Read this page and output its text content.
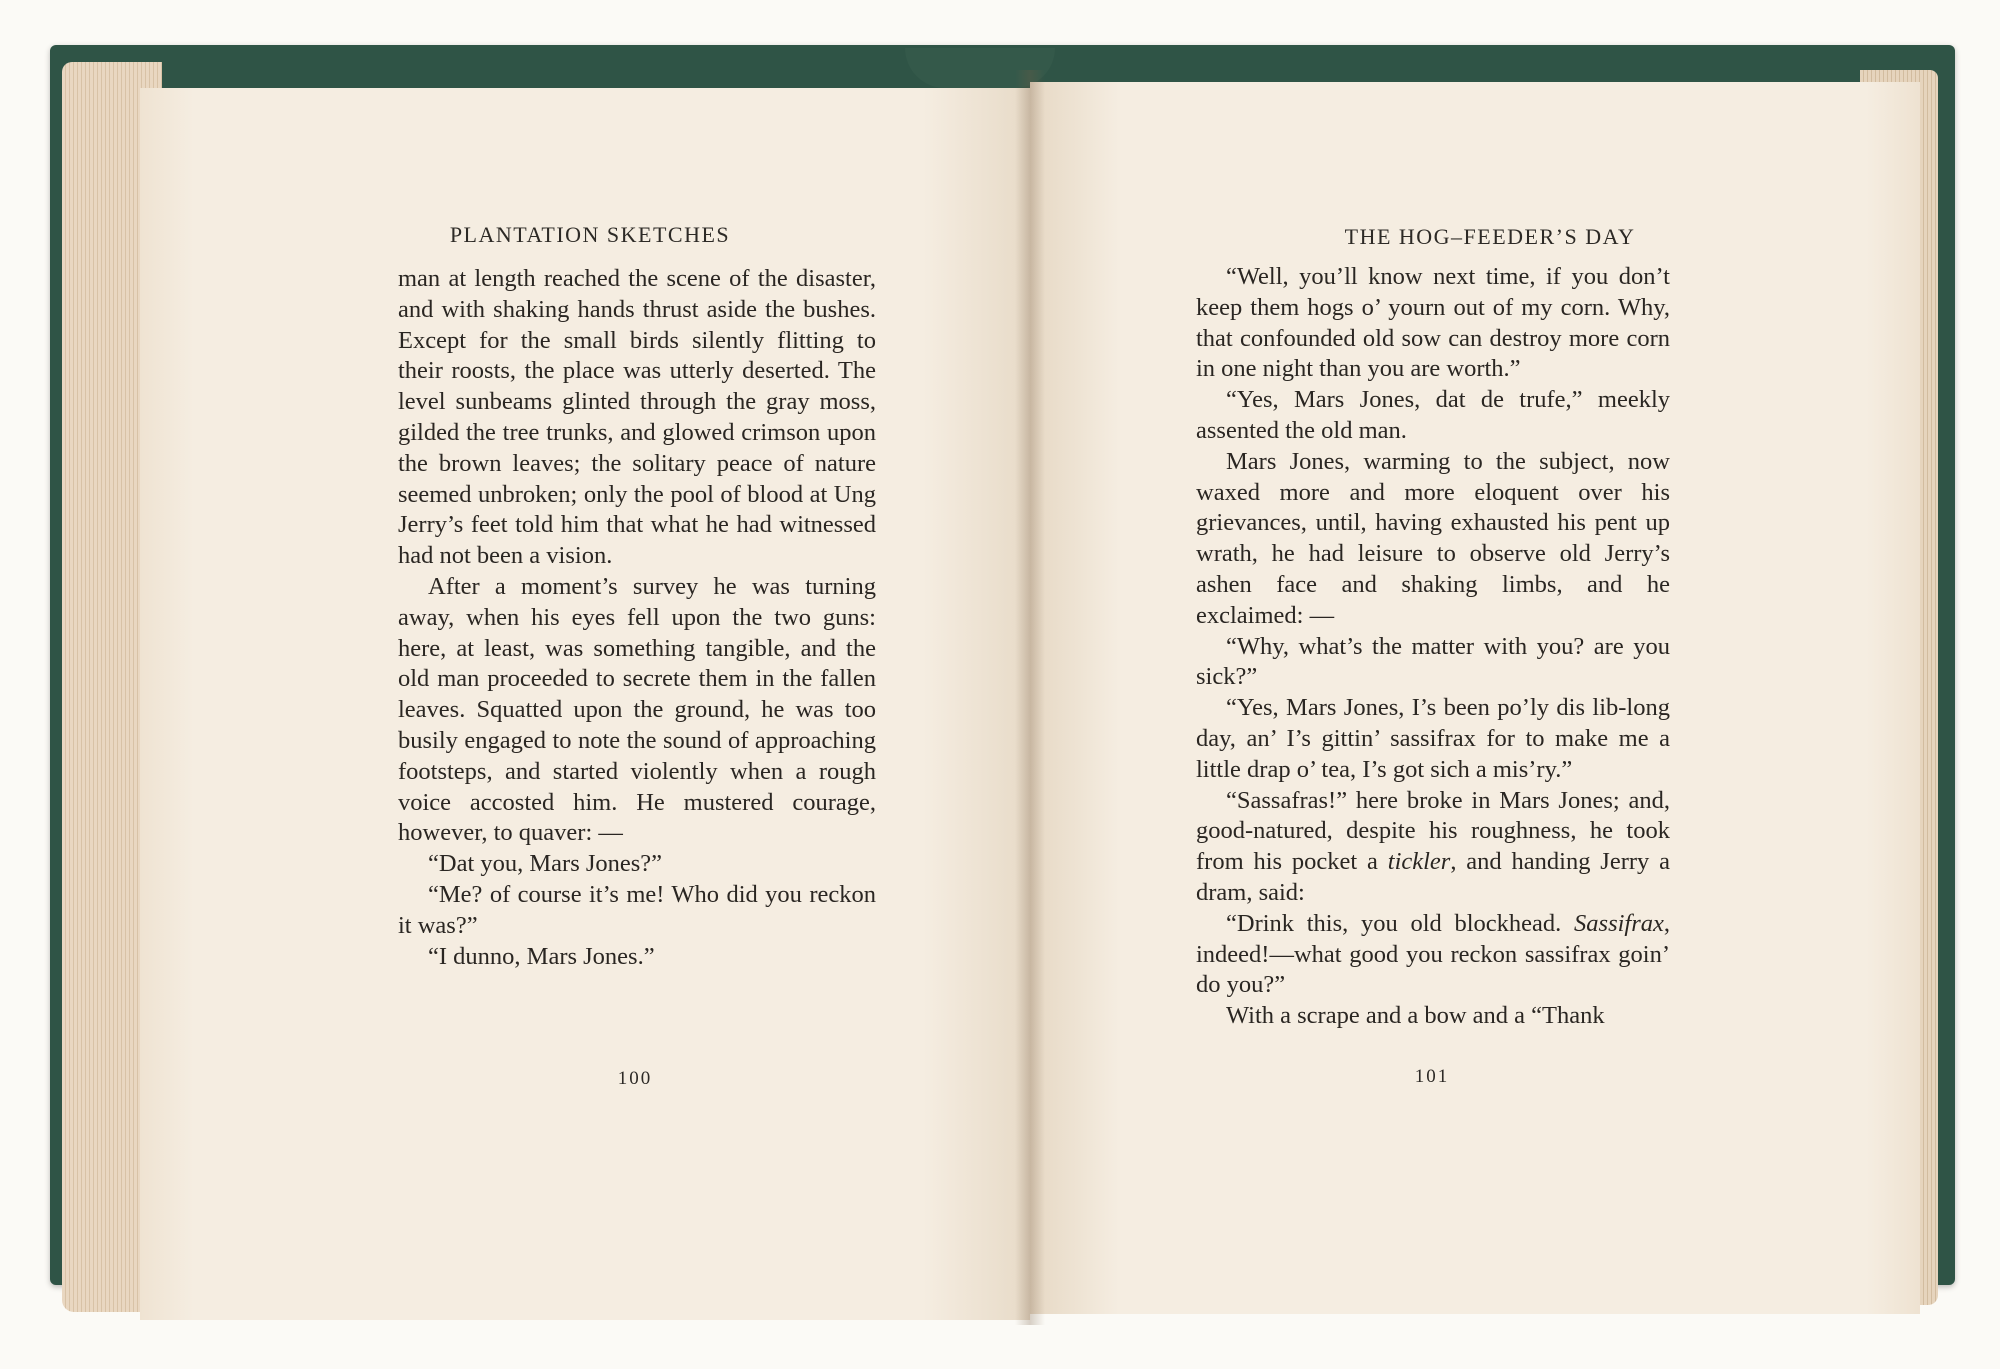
PLANTATION SKETCHES

man at length reached the scene of the disaster, and with shaking hands thrust aside the bushes. Except for the small birds silently flitting to their roosts, the place was utterly deserted. The level sunbeams glinted through the gray moss, gilded the tree trunks, and glowed crimson upon the brown leaves; the solitary peace of nature seemed unbroken; only the pool of blood at Ung Jerry’s feet told him that what he had witnessed had not been a vision.

After a moment’s survey he was turning away, when his eyes fell upon the two guns: here, at least, was something tangible, and the old man proceeded to secrete them in the fallen leaves. Squatted upon the ground, he was too busily engaged to note the sound of approaching footsteps, and started violently when a rough voice accosted him. He mustered courage, however, to quaver: —

“Dat you, Mars Jones?”

“Me? of course it’s me! Who did you reckon it was?”

“I dunno, Mars Jones.”

100
THE HOG–FEEDER’S DAY

“Well, you’ll know next time, if you don’t keep them hogs o’ yourn out of my corn. Why, that confounded old sow can destroy more corn in one night than you are worth.”

“Yes, Mars Jones, dat de trufe,” meekly assented the old man.

Mars Jones, warming to the subject, now waxed more and more eloquent over his grievances, until, having exhausted his pent up wrath, he had leisure to observe old Jerry’s ashen face and shaking limbs, and he exclaimed: —

“Why, what’s the matter with you? are you sick?”

“Yes, Mars Jones, I’s been po’ly dis lib-long day, an’ I’s gittin’ sassifrax for to make me a little drap o’ tea, I’s got sich a mis’ry.”

“Sassafras!” here broke in Mars Jones; and, good-natured, despite his roughness, he took from his pocket a tickler, and handing Jerry a dram, said:

“Drink this, you old blockhead. Sassifrax, indeed!—what good you reckon sassifrax goin’ do you?”

With a scrape and a bow and a “Thank

101
